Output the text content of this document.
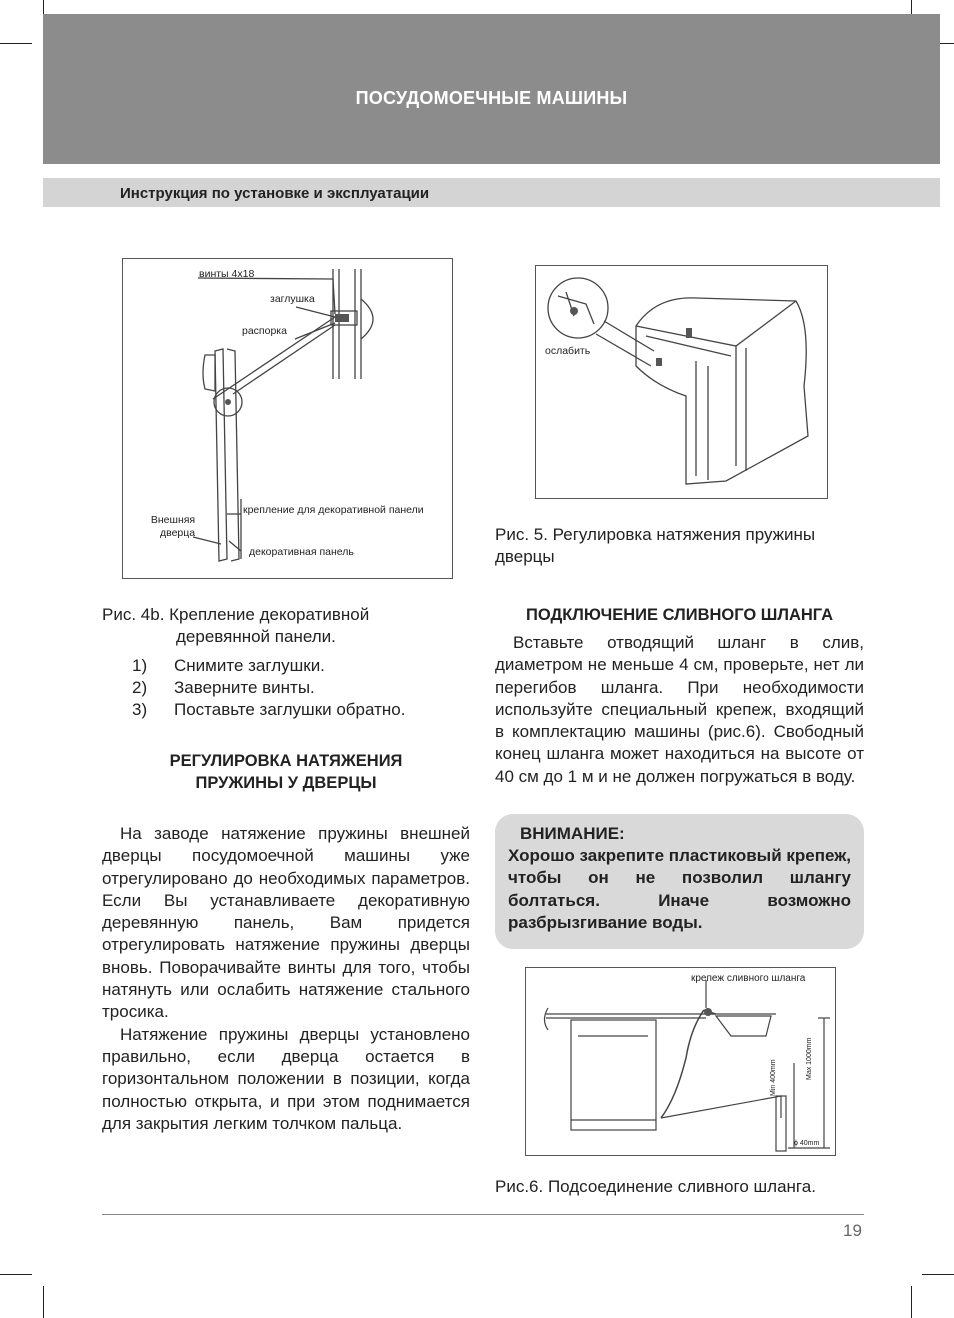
ПОСУДОМОЕЧНЫЕ МАШИНЫ
Инструкция по установке и эксплуатации
винты 4х18
заглушка
распорка
крепление для декоративной панели
Внешняя
дверца
декоративная панель
Рис. 4b. Крепление декоративной
деревянной панели.
1)	Снимите заглушки.
2)	Заверните винты.
3)	Поставьте заглушки обратно.
РЕГУЛИРОВКА НАТЯЖЕНИЯ
ПРУЖИНЫ У ДВЕРЦЫ

На заводе натяжение пружины внешней дверцы посудомоечной машины уже отрегулировано до необходимых параметров. Если Вы устанавливаете декоративную деревянную панель, Вам придется отрегулировать натяжение пружины дверцы вновь. Поворачивайте винты для того, чтобы натянуть или ослабить натяжение стального тросика.

Натяжение пружины дверцы установлено правильно, если дверца остается в горизонтальном положении в позиции, когда полностью открыта, и при этом поднимается для закрытия легким толчком пальца.

ослабить
Рис. 5. Регулировка натяжения пружины дверцы
ПОДКЛЮЧЕНИЕ СЛИВНОГО ШЛАНГА

Вставьте отводящий шланг в слив, диаметром не меньше 4 см, проверьте, нет ли перегибов шланга. При необходимости используйте специальный крепеж, входящий в комплектацию машины (рис.6). Свободный конец шланга может находиться на высоте от 40 см до 1 м и не должен погружаться в воду.

ВНИМАНИЕ:
Хорошо закрепите пластиковый крепеж, чтобы он не позволил шлангу болтаться. Иначе возможно разбрызгивание воды.
крепеж сливного шланга
Min 400mm	Max 1000mm
ϕ 40mm
Рис.6. Подсоединение сливного шланга.
19
